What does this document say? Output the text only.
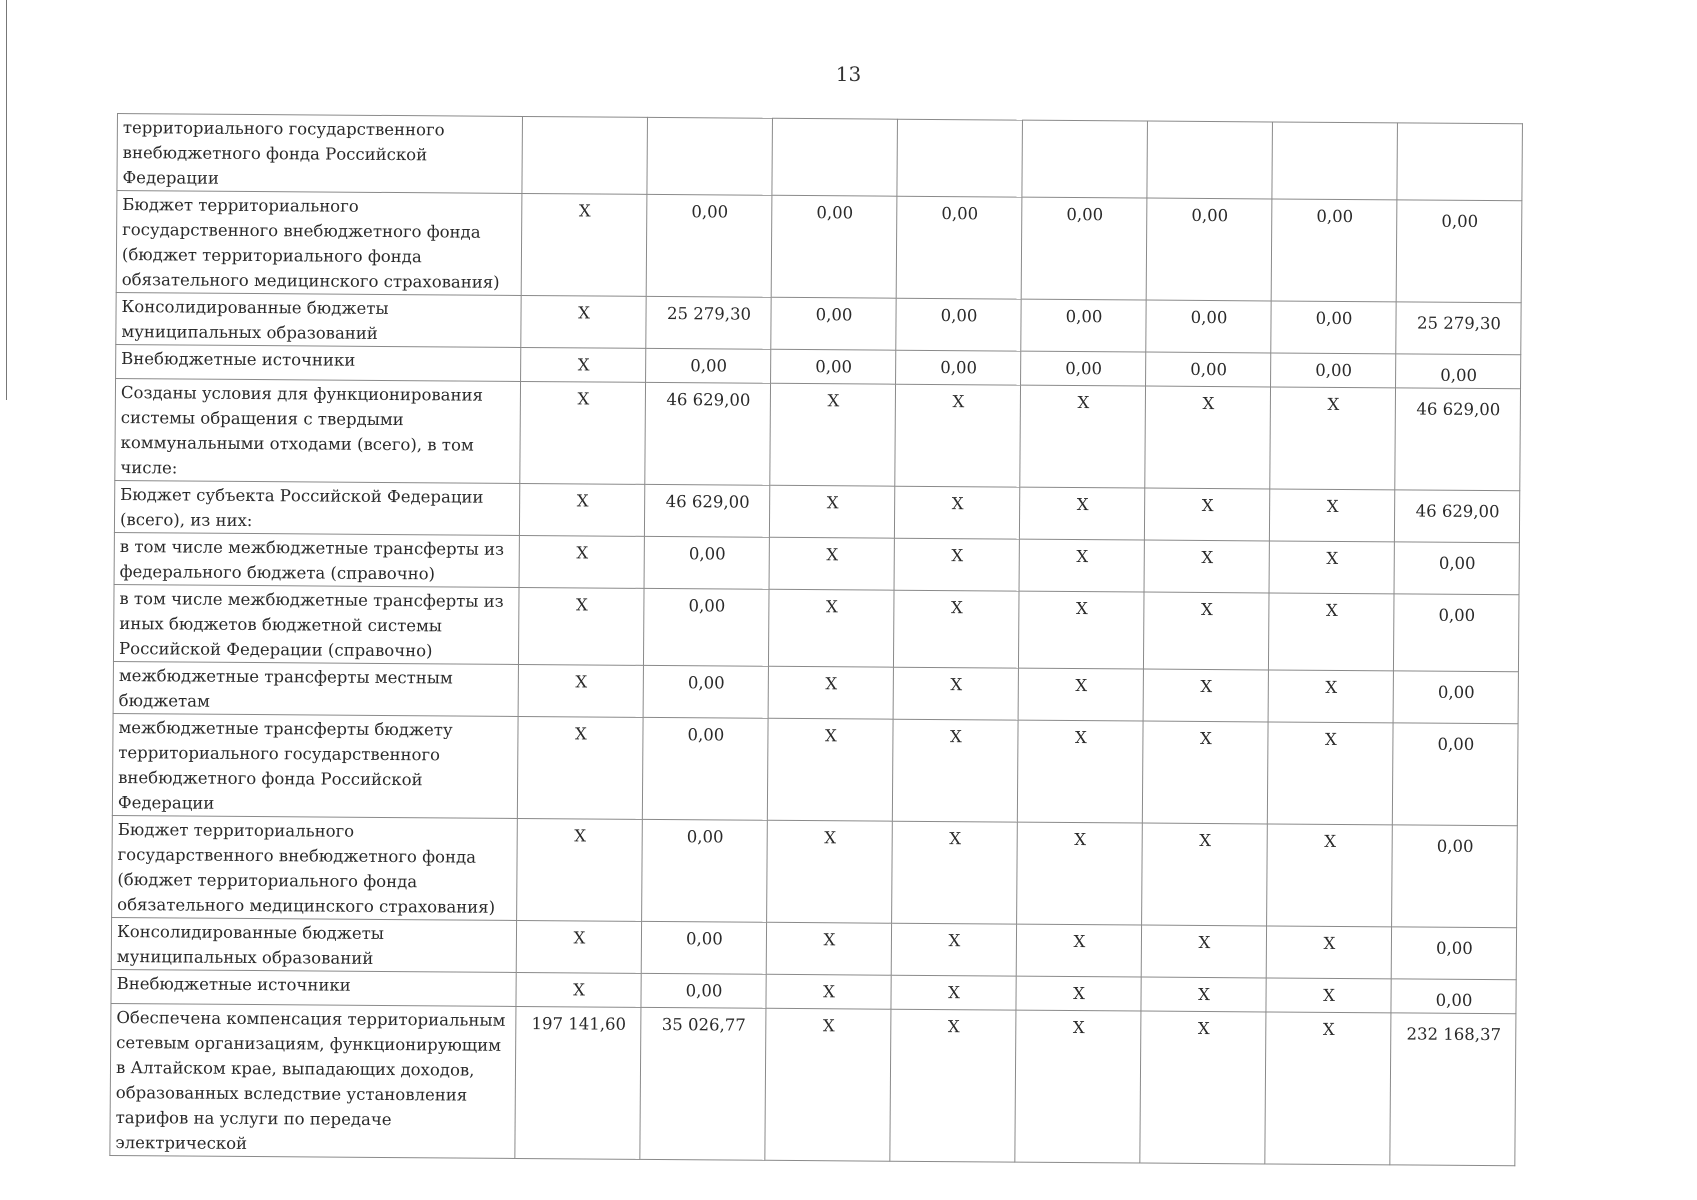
13
территориального государственного внебюджетного фонда Российской Федерации								
Бюджет территориального государственного внебюджетного фонда (бюджет территориального фонда обязательного медицинского страхования)	X	0,00	0,00	0,00	0,00	0,00	0,00	0,00
Консолидированные бюджеты муниципальных образований	X	25 279,30	0,00	0,00	0,00	0,00	0,00	25 279,30
Внебюджетные источники	X	0,00	0,00	0,00	0,00	0,00	0,00	0,00
Созданы условия для функционирования системы обращения с твердыми коммунальными отходами (всего), в том числе:	X	46 629,00	X	X	X	X	X	46 629,00
Бюджет субъекта Российской Федерации (всего), из них:	X	46 629,00	X	X	X	X	X	46 629,00
в том числе межбюджетные трансферты из федерального бюджета (справочно)	X	0,00	X	X	X	X	X	0,00
в том числе межбюджетные трансферты из иных бюджетов бюджетной системы Российской Федерации (справочно)	X	0,00	X	X	X	X	X	0,00
межбюджетные трансферты местным бюджетам	X	0,00	X	X	X	X	X	0,00
межбюджетные трансферты бюджету территориального государственного внебюджетного фонда Российской Федерации	X	0,00	X	X	X	X	X	0,00
Бюджет территориального государственного внебюджетного фонда (бюджет территориального фонда обязательного медицинского страхования)	X	0,00	X	X	X	X	X	0,00
Консолидированные бюджеты муниципальных образований	X	0,00	X	X	X	X	X	0,00
Внебюджетные источники	X	0,00	X	X	X	X	X	0,00
Обеспечена компенсация территориальным сетевым организациям, функционирующим в Алтайском крае, выпадающих доходов, образованных вследствие установления тарифов на услуги по передаче электрической	197 141,60	35 026,77	X	X	X	X	X	232 168,37
